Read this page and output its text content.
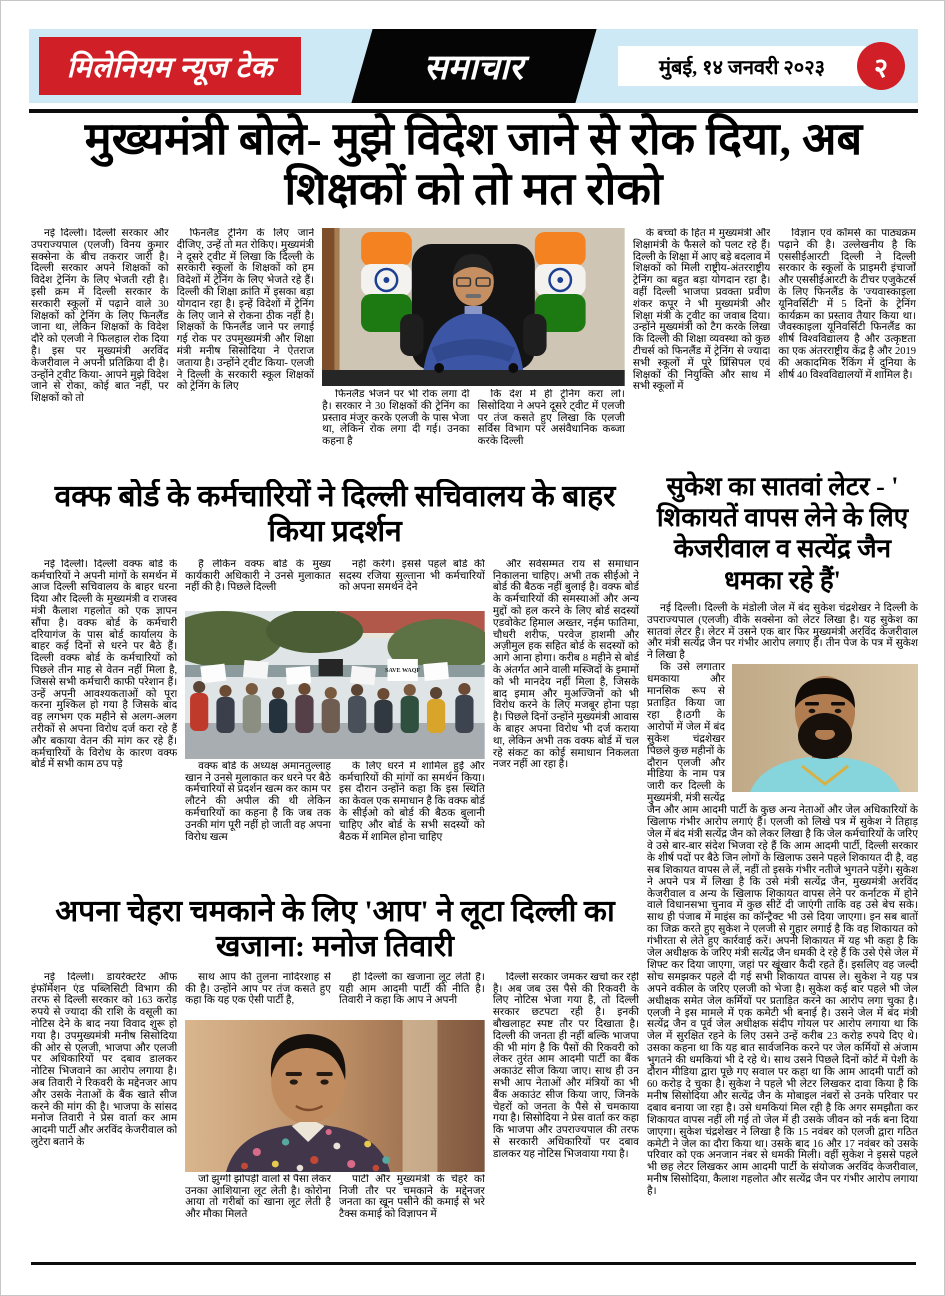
मिलेनियम न्यूज टेक	समाचार	मुंबई, १४ जनवरी २०२३	२
मुख्यमंत्री बोले- मुझे विदेश जाने से रोक दिया, अब शिक्षकों को तो मत रोको

नई दिल्ली। दिल्ली सरकार और उपराज्यपाल (एलजी) विनय कुमार सक्सेना के बीच तकरार जारी है। दिल्ली सरकार अपने शिक्षकों को विदेश ट्रेनिंग के लिए भेजती रही है। इसी क्रम में दिल्ली सरकार के सरकारी स्कूलों में पढ़ाने वाले 30 शिक्षकों को ट्रेनिंग के लिए फिनलैंड जाना था, लेकिन शिक्षकों के विदेश दौरे को एलजी ने फिलहाल रोक दिया है। इस पर मुख्यमंत्री अरविंद केजरीवाल ने अपनी प्रतिक्रिया दी है। उन्होंने ट्वीट किया- आपने मुझे विदेश जाने से रोका, कोई बात नहीं, पर शिक्षकों को तो

फिनलैंड ट्रेनिंग के लिए जाने दीजिए, उन्हें तो मत रोकिए। मुख्यमंत्री ने दूसरे ट्वीट में लिखा कि दिल्ली के सरकारी स्कूलों के शिक्षकों को हम विदेशों में ट्रेनिंग के लिए भेजते रहे हैं। दिल्ली की शिक्षा क्रांति में इसका बड़ा योगदान रहा है। इन्हें विदेशों में ट्रेनिंग के लिए जाने से रोकना ठीक नहीं है। शिक्षकों के फिनलैंड जाने पर लगाई गई रोक पर उपमुख्यमंत्री और शिक्षा मंत्री मनीष सिसोदिया ने ऐतराज जताया है। उन्होंने ट्वीट किया- एलजी ने दिल्ली के सरकारी स्कूल शिक्षकों को ट्रेनिंग के लिए

फिनलैंड भेजने पर भी रोक लगा दी है। सरकार ने 30 शिक्षकों की ट्रेनिंग का प्रस्ताव मंजूर करके एलजी के पास भेजा था, लेकिन रोक लगा दी गई। उनका कहना है

कि देश में ही ट्रेनिंग करा लो। सिसोदिया ने अपने दूसरे ट्वीट में एलजी पर तंज कसते हुए लिखा कि एलजी सर्विस विभाग पर असंवैधानिक कब्जा करके दिल्ली

के बच्चों के हित में मुख्यमंत्री और शिक्षामंत्री के फैसले को पलट रहे हैं। दिल्ली के शिक्षा में आए बड़े बदलाव में शिक्षकों को मिली राष्ट्रीय-अंतरराष्ट्रीय ट्रेनिंग का बहुत बड़ा योगदान रहा है। वहीं दिल्ली भाजपा प्रवक्ता प्रवीण शंकर कपूर ने भी मुख्यमंत्री और शिक्षा मंत्री के ट्वीट का जवाब दिया। उन्होंने मुख्यमंत्री को टैग करके लिखा कि दिल्ली की शिक्षा व्यवस्था को कुछ टीचर्स को फिनलैंड में ट्रेनिंग से ज्यादा सभी स्कूलों में पूरे प्रिंसिपल एवं शिक्षकों की नियुक्ति और साथ में सभी स्कूलों में

विज्ञान एवं कॉमर्स का पाठ्यक्रम पढ़ाने की है। उल्लेखनीय है कि एससीईआरटी दिल्ली ने दिल्ली सरकार के स्कूलों के प्राइमरी इंचार्जों और एससीईआरटी के टीचर एजुकेटर्स के लिए फिनलैंड के 'ज्यवास्काइला यूनिवर्सिटी' में 5 दिनों के ट्रेनिंग कार्यक्रम का प्रस्ताव तैयार किया था। जैवस्काइला यूनिवर्सिटी फिनलैंड का शीर्ष विश्वविद्यालय है और उत्कृष्टता का एक अंतरराष्ट्रीय केंद्र है और 2019 की अकादमिक रैंकिंग में दुनिया के शीर्ष 40 विश्वविद्यालयों में शामिल है।

वक्फ बोर्ड के कर्मचारियों ने दिल्ली सचिवालय के बाहर किया प्रदर्शन

नई दिल्ली। दिल्ली वक्फ बोर्ड के कर्मचारियों ने अपनी मांगों के समर्थन में आज दिल्ली सचिवालय के बाहर धरना दिया और दिल्ली के मुख्यमंत्री व राजस्व मंत्री कैलाश गहलोत को एक ज्ञापन सौंपा है। वक्फ बोर्ड के कर्मचारी दरियागंज के पास बोर्ड कार्यालय के बाहर कई दिनों से धरने पर बैठे हैं। दिल्ली वक्फ बोर्ड के कर्मचारियों को पिछले तीन माह से वेतन नहीं मिला है, जिससे सभी कर्मचारी काफी परेशान हैं। उन्हें अपनी आवश्यकताओं को पूरा करना मुश्किल हो गया है जिसके बाद वह लगभग एक महीने से अलग-अलग तरीकों से अपना विरोध दर्ज करा रहे हैं और बकाया वेतन की मांग कर रहे हैं। कर्मचारियों के विरोध के कारण वक्फ बोर्ड में सभी काम ठप पड़े

हैं लेकिन वक्फ बोर्ड के मुख्य कार्यकारी अधिकारी ने उनसे मुलाकात नहीं की है। पिछले दिल्ली

नहीं करेंगे। इससे पहले बोर्ड की सदस्य रजिया सुल्ताना भी कर्मचारियों को अपना समर्थन देने

SAVE WAQF

वक्फ बोर्ड के अध्यक्ष अमानतुल्लाह खान ने उनसे मुलाकात कर धरने पर बैठे कर्मचारियों से प्रदर्शन खत्म कर काम पर लौटने की अपील की थी लेकिन कर्मचारियों का कहना है कि जब तक उनकी मांग पूरी नहीं हो जाती वह अपना विरोध खत्म

के लिए धरने में शामिल हुईं और कर्मचारियों की मांगों का समर्थन किया।इस दौरान उन्होंने कहा कि इस स्थिति का केवल एक समाधान है कि वक्फ बोर्ड के सीईओ को बोर्ड की बैठक बुलानी चाहिए और बोर्ड के सभी सदस्यों को बैठक में शामिल होना चाहिए

और सर्वसम्मत राय से समाधान निकालना चाहिए। अभी तक सीईओ ने बोर्ड की बैठक नहीं बुलाई है। वक्फ बोर्ड के कर्मचारियों की समस्याओं और अन्य मुद्दों को हल करने के लिए बोर्ड सदस्यों एडवोकेट हिमाल अख्तर, नईम फातिमा, चौधरी शरीफ, परवेज हाशमी और अज़ीमुल हक सहित बोर्ड के सदस्यों को आगे आना होगा। करीब 8 महीने से बोर्ड के अंतर्गत आने वाली मस्जिदों के इमामों को भी मानदेय नहीं मिला है, जिसके बाद इमाम और मुअज्जिनों को भी विरोध करने के लिए मजबूर होना पड़ा है। पिछले दिनों उन्होंने मुख्यमंत्री आवास के बाहर अपना विरोध भी दर्ज कराया था, लेकिन अभी तक वक्फ बोर्ड में चल रहे संकट का कोई समाधान निकलता नजर नहीं आ रहा है।

सुकेश का सातवां लेटर - ' शिकायतें वापस लेने के लिए केजरीवाल व सत्येंद्र जैन धमका रहे हैं'

नई दिल्ली। दिल्ली के मंडोली जेल में बंद सुकेश चंद्रशेखर ने दिल्ली के उपराज्यपाल (एलजी) वीके सक्सेना को लेटर लिखा है। यह सुकेश का सातवां लेटर है। लेटर में उसने एक बार फिर मुख्यमंत्री अरविंद केजरीवाल और मंत्री सत्येंद्र जैन पर गंभीर आरोप लगाए हैं। तीन पेज के पत्र में सुकेश ने लिखा है

कि उसे लगातार धमकाया और मानसिक रूप से प्रताड़ित किया जा रहा है।ठगी के आरोपों में जेल में बंद सुकेश चंद्रशेखर पिछले कुछ महीनों के दौरान एलजी और मीडिया के नाम पत्र जारी कर दिल्ली के मुख्यमंत्री, मंत्री सत्येंद्र जैन और आम आदमी पार्टी के कुछ अन्य नेताओं और जेल अधिकारियों के खिलाफ गंभीर आरोप लगाएं हैं। एलजी को लिखे पत्र में सुकेश ने तिहाड़ जेल में बंद मंत्री सत्येंद्र जैन को लेकर लिखा है कि जेल कर्मचारियों के जरिए वे उसे बार-बार संदेश भिजवा रहे हैं कि आम आदमी पार्टी, दिल्ली सरकार के शीर्ष पदों पर बैठे जिन लोगों के खिलाफ उसने पहले शिकायत दी है, वह सब शिकायत वापस ले लें, नहीं तो इसके गंभीर नतीजे भुगतने पड़ेंगे। सुकेश ने अपने पत्र में लिखा है कि उसे मंत्री सत्येंद्र जैन, मुख्यमंत्री अरविंद केजरीवाल व अन्य के खिलाफ शिकायत वापस लेने पर कर्नाटक में होने वाले विधानसभा चुनाव में कुछ सीटें दी जाएंगी ताकि वह उसे बेच सके। साथ ही पंजाब में माइंस का कॉन्ट्रैक्ट भी उसे दिया जाएगा। इन सब बातों का जिक्र करते हुए सुकेश ने एलजी से गुहार लगाई है कि वह शिकायत को गंभीरता से लेते हुए कार्रवाई करें। अपनी शिकायत में यह भी कहा है कि जेल अधीक्षक के जरिए मंत्री सत्येंद्र जैन धमकी दे रहे हैं कि उसे ऐसे जेल में शिफ्ट कर दिया जाएगा, जहां पर खूंखार कैदी रहते हैं। इसलिए वह जल्दी सोच समझकर पहले दी गई सभी शिकायत वापस ले। सुकेश ने यह पत्र अपने वकील के जरिए एलजी को भेजा है। सुकेश कई बार पहले भी जेल अधीक्षक समेत जेल कर्मियों पर प्रताड़ित करने का आरोप लगा चुका है।एलजी ने इस मामले में एक कमेटी भी बनाई है। उसने जेल में बंद मंत्री सत्येंद्र जैन व पूर्व जेल अधीक्षक संदीप गोयल पर आरोप लगाया था कि जेल में सुरक्षित रहने के लिए उसने उन्हें करीब 23 करोड़ रुपये दिए थे। उसका कहना था कि यह बात सार्वजनिक करने पर जेल कर्मियों से अंजाम भुगतने की धमकियां भी दे रहे थे। साथ उसने पिछले दिनों कोर्ट में पेशी के दौरान मीडिया द्वारा पूछे गए सवाल पर कहा था कि आम आदमी पार्टी को 60 करोड़ दे चुका है। सुकेश ने पहले भी लेटर लिखकर दावा किया है कि मनीष सिसोदिया और सत्येंद्र जैन के मोबाइल नंबरों से उनके परिवार पर दबाव बनाया जा रहा है। उसे धमकियां मिल रही है कि अगर समझौता कर शिकायत वापस नहीं ली गई तो जेल में ही उसके जीवन को नर्क बना दिया जाएगा। सुकेश चंद्रशेखर ने लिखा है कि 15 नवंबर को एलजी द्वारा गठित कमेटी ने जेल का दौरा किया था। उसके बाद 16 और 17 नवंबर को उसके परिवार को एक अनजान नंबर से धमकी मिली। वहीं सुकेश ने इससे पहले भी छह लेटर लिखकर आम आदमी पार्टी के संयोजक अरविंद केजरीवाल, मनीष सिसोदिया, कैलाश गहलोत और सत्येंद्र जैन पर गंभीर आरोप लगाया है।

अपना चेहरा चमकाने के लिए 'आप' ने लूटा दिल्ली का खजाना: मनोज तिवारी

नई दिल्ली। डायरेक्टरेट ऑफ इंफॉर्मेशन एंड पब्लिसिटी विभाग की तरफ से दिल्ली सरकार को 163 करोड़ रुपये से ज्यादा की राशि के वसूली का नोटिस देने के बाद नया विवाद शुरू हो गया है। उपमुख्यमंत्री मनीष सिसोदिया की ओर से एलजी, भाजपा और एलजी पर अधिकारियों पर दबाव डालकर नोटिस भिजवाने का आरोप लगाया है। अब तिवारी ने रिकवरी के मद्देनजर आप और उसके नेताओं के बैंक खाते सीज करने की मांग की है। भाजपा के सांसद मनोज तिवारी ने प्रेस वार्ता कर आम आदमी पार्टी और अरविंद केजरीवाल को लुटेरा बताने के

साथ आप की तुलना नादिरशाह से की है। उन्होंने आप पर तंज कसते हुए कहा कि यह एक ऐसी पार्टी है,

ही दिल्ली का खजाना लूट लेती है। यही आम आदमी पार्टी की नीति है। तिवारी ने कहा कि आप ने अपनी

जो झुग्गी झोपड़ी वालों से पैसा लेकर उनका आशियाना लूट लेती है। कोरोना आया तो गरीबों का खाना लूट लेती है और मौका मिलते

पार्टी और मुख्यमंत्री के चेहरे को निजी तौर पर चमकाने के मद्देनजर जनता का खून पसीने की कमाई से भरे टैक्स कमाई को विज्ञापन में

दिल्ली सरकार जमकर खर्चा कर रही है। अब जब उस पैसे की रिकवरी के लिए नोटिस भेजा गया है, तो दिल्ली सरकार छटपटा रही है। इनकी बौखलाहट स्पष्ट तौर पर दिखाता है। दिल्ली की जनता ही नहीं बल्कि भाजपा की भी मांग है कि पैसों की रिकवरी को लेकर तुरंत आम आदमी पार्टी का बैंक अकाउंट सीज किया जाए। साथ ही उन सभी आप नेताओं और मंत्रियों का भी बैंक अकाउंट सीज किया जाए, जिनके चेहरों को जनता के पैसे से चमकाया गया है। सिसोदिया ने प्रेस वार्ता कर कहा कि भाजपा और उपराज्यपाल की तरफ से सरकारी अधिकारियों पर दबाव डालकर यह नोटिस भिजवाया गया है।
